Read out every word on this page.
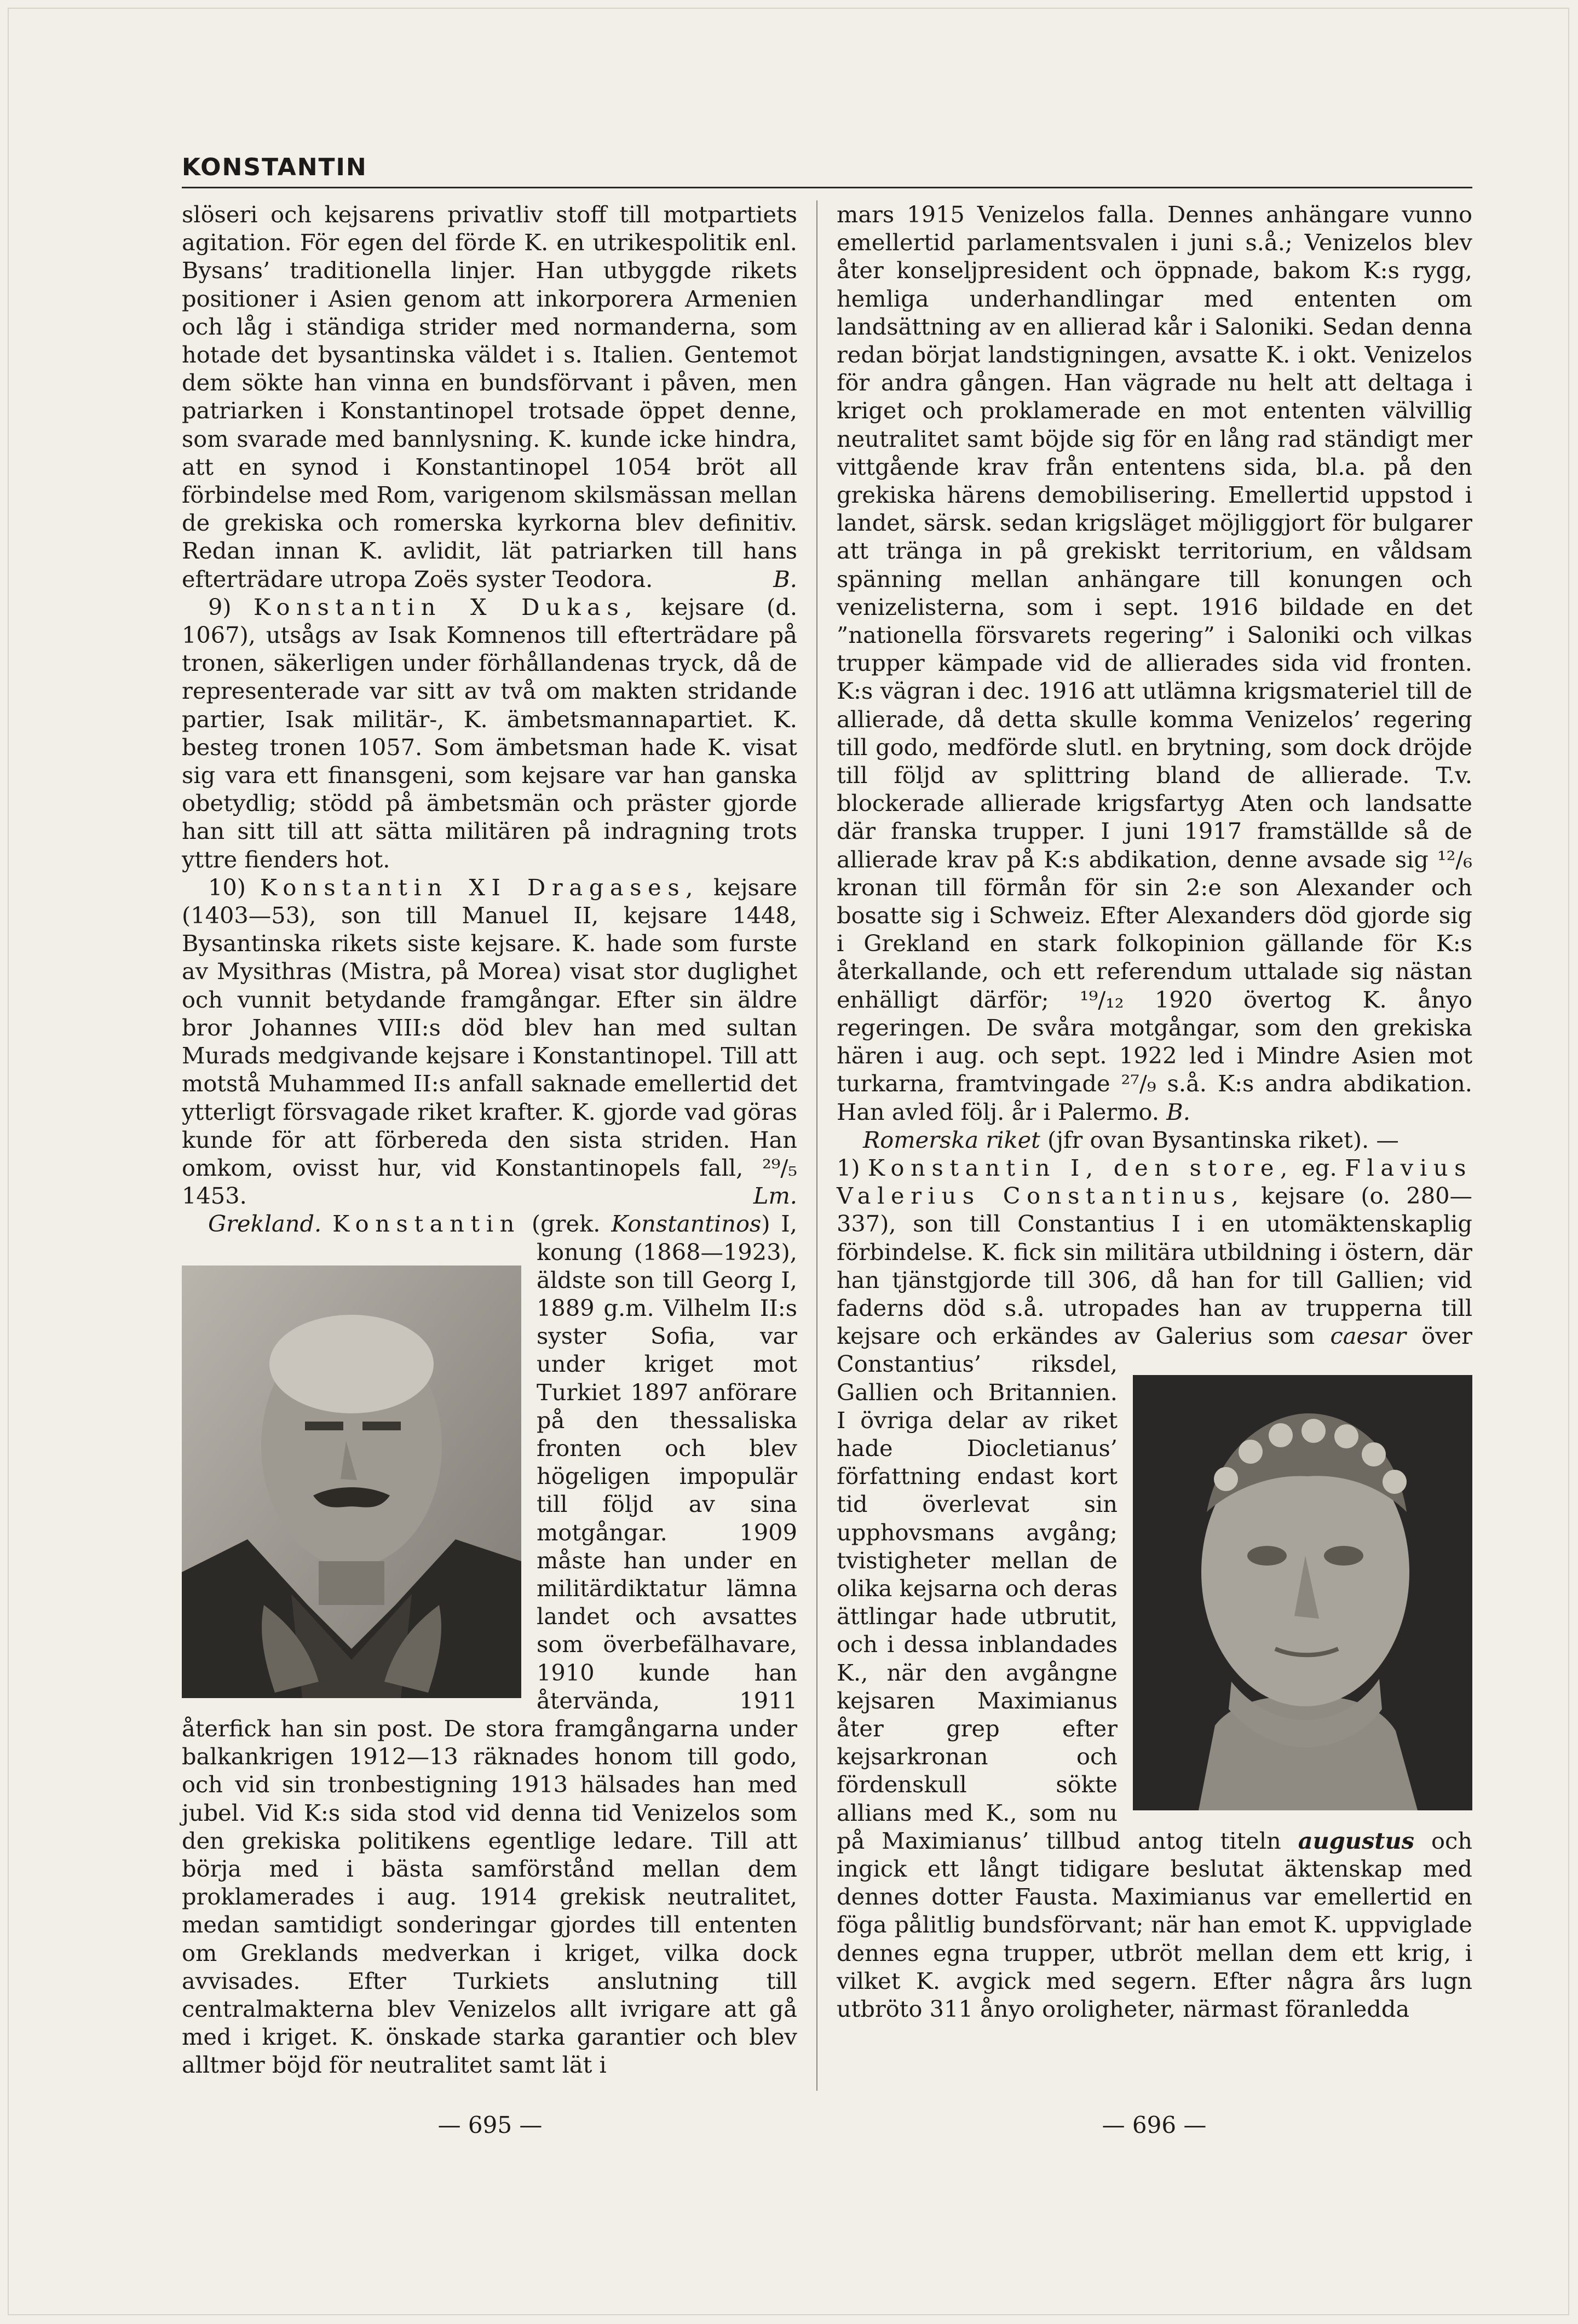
KONSTANTIN

slöseri och kejsarens privatliv stoff till motpartiets agitation. För egen del förde K. en utrikespolitik enl. Bysans’ traditionella linjer. Han utbyggde rikets positioner i Asien genom att inkorporera Armenien och låg i ständiga strider med normanderna, som hotade det bysantinska väldet i s. Italien. Gentemot dem sökte han vinna en bundsförvant i påven, men patriarken i Konstantinopel trotsade öppet denne, som svarade med bannlysning. K. kunde icke hindra, att en synod i Konstantinopel 1054 bröt all förbindelse med Rom, varigenom skilsmässan mellan de grekiska och romerska kyrkorna blev definitiv. Redan innan K. avlidit, lät patriarken till hans efterträdare utropa Zoës syster Teodora.	B.

9) Konstantin X Dukas, kejsare (d. 1067), utsågs av Isak Komnenos till efterträdare på tronen, säkerligen under förhållandenas tryck, då de representerade var sitt av två om makten stridande partier, Isak militär-, K. ämbetsmannapartiet. K. besteg tronen 1057. Som ämbetsman hade K. visat sig vara ett finansgeni, som kejsare var han ganska obetydlig; stödd på ämbetsmän och präster gjorde han sitt till att sätta militären på indragning trots yttre fienders hot.

10) Konstantin XI Dragases, kejsare (1403—53), son till Manuel II, kejsare 1448, Bysantinska rikets siste kejsare. K. hade som furste av Mysithras (Mistra, på Morea) visat stor duglighet och vunnit betydande framgångar. Efter sin äldre bror Johannes VIII:s död blev han med sultan Murads medgivande kejsare i Konstantinopel. Till att motstå Muhammed II:s anfall saknade emellertid det ytterligt försvagade riket krafter. K. gjorde vad göras kunde för att förbereda den sista striden. Han omkom, ovisst hur, vid Konstantinopels fall, ²⁹/₅ 1453.	Lm.

Grekland. Konstantin (grek. Konstantinos
) I, konung (1868—1923), äldste son till Georg I, 1889 g.m. Vilhelm II:s syster Sofia, var under kriget mot Turkiet 1897 anförare på den thessaliska fronten och blev högeligen impopulär till följd av sina motgångar. 1909 måste han under en militärdiktatur lämna landet och avsattes som överbefälhavare, 1910 kunde han återvända, 1911 återfick han sin post. De stora framgångarna under balkankrigen 1912—13 räknades honom till godo, och vid sin tronbestigning 1913 hälsades han med jubel. Vid K:s sida stod vid denna tid Venizelos som den grekiska politikens egentlige ledare. Till att börja med i bästa samförstånd mellan dem proklamerades i aug. 1914 grekisk neutralitet, medan samtidigt sonderingar gjordes till ententen om Greklands medverkan i kriget, vilka dock avvisades. Efter Turkiets anslutning till centralmakterna blev Venizelos allt ivrigare att gå med i kriget. K. önskade starka garantier och blev alltmer böjd för neutralitet samt lät i

mars 1915 Venizelos falla. Dennes anhängare vunno emellertid parlamentsvalen i juni s.å.; Venizelos blev åter konseljpresident och öppnade, bakom K:s rygg, hemliga underhandlingar med ententen om landsättning av en allierad kår i Saloniki. Sedan denna redan börjat landstigningen, avsatte K. i okt. Venizelos för andra gången. Han vägrade nu helt att deltaga i kriget och proklamerade en mot ententen välvillig neutralitet samt böjde sig för en lång rad ständigt mer vittgående krav från ententens sida, bl.a. på den grekiska härens demobilisering. Emellertid uppstod i landet, särsk. sedan krigsläget möjliggjort för bulgarer att tränga in på grekiskt territorium, en våldsam spänning mellan anhängare till konungen och venizelisterna, som i sept. 1916 bildade en det ”nationella försvarets regering” i Saloniki och vilkas trupper kämpade vid de allierades sida vid fronten. K:s vägran i dec. 1916 att utlämna krigsmateriel till de allierade, då detta skulle komma Venizelos’ regering till godo, medförde slutl. en brytning, som dock dröjde till följd av splittring bland de allierade. T.v. blockerade allierade krigsfartyg Aten och landsatte där franska trupper. I juni 1917 framställde så de allierade krav på K:s abdikation, denne avsade sig ¹²/₆ kronan till förmån för sin 2:e son Alexander och bosatte sig i Schweiz. Efter Alexanders död gjorde sig i Grekland en stark folkopinion gällande för K:s återkallande, och ett referendum uttalade sig nästan enhälligt därför; ¹⁹/₁₂ 1920 övertog K. ånyo regeringen. De svåra motgångar, som den grekiska hären i aug. och sept. 1922 led i Mindre Asien mot turkarna, framtvingade ²⁷/₉ s.å. K:s andra abdikation. Han avled följ. år i Palermo. B.

Romerska riket (jfr ovan Bysantinska riket). —

1) Konstantin I, den store, eg. Flavius Valerius Constantinus, kejsare (o. 280—337), son till Constantius I i en utomäktenskaplig förbindelse. K. fick sin militära utbildning i östern, där han tjänstgjorde till 306, då han for till Gallien; vid faderns död s.å. utropades han av trupperna till kejsare och erkändes av Galerius som
caesar över Constantius’ riksdel, Gallien och Britannien. I övriga delar av riket hade Diocletianus’ författning endast kort tid överlevat sin upphovsmans avgång; tvistigheter mellan de olika kejsarna och deras ättlingar hade utbrutit, och i dessa inblandades K., när den avgångne kejsaren Maximianus åter grep efter kejsarkronan och fördenskull sökte allians med K., som nu på Maximianus’ tillbud antog titeln augustus och ingick ett långt tidigare beslutat äktenskap med dennes dotter Fausta. Maximianus var emellertid en föga pålitlig bundsförvant; när han emot K. uppviglade dennes egna trupper, utbröt mellan dem ett krig, i vilket K. avgick med segern. Efter några års lugn utbröto 311 ånyo oroligheter, närmast föranledda

— 695 —	— 696 —
